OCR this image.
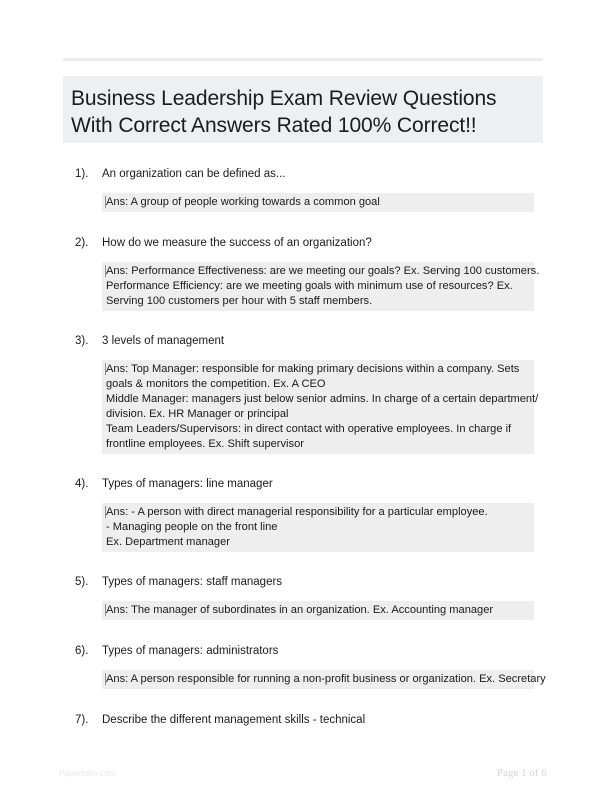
Business Leadership Exam Review Questions
With Correct Answers Rated 100% Correct!!
1). An organization can be defined as...
Ans: A group of people working towards a common goal
2). How do we measure the success of an organization?
Ans: Performance Effectiveness: are we meeting our goals? Ex. Serving 100 customers.
Performance Efficiency: are we meeting goals with minimum use of resources? Ex.
Serving 100 customers per hour with 5 staff members.
3). 3 levels of management
Ans: Top Manager: responsible for making primary decisions within a company. Sets
goals & monitors the competition. Ex. A CEO
Middle Manager: managers just below senior admins. In charge of a certain department/
division. Ex. HR Manager or principal
Team Leaders/Supervisors: in direct contact with operative employees. In charge if
frontline employees. Ex. Shift supervisor
4). Types of managers: line manager
Ans: - A person with direct managerial responsibility for a particular employee.
- Managing people on the front line
Ex. Department manager
5). Types of managers: staff managers
Ans: The manager of subordinates in an organization. Ex. Accounting manager
6). Types of managers: administrators
Ans: A person responsible for running a non-profit business or organization. Ex. Secretary
7). Describe the different management skills - technical
Paperfolio.com	Page 1 of 6
